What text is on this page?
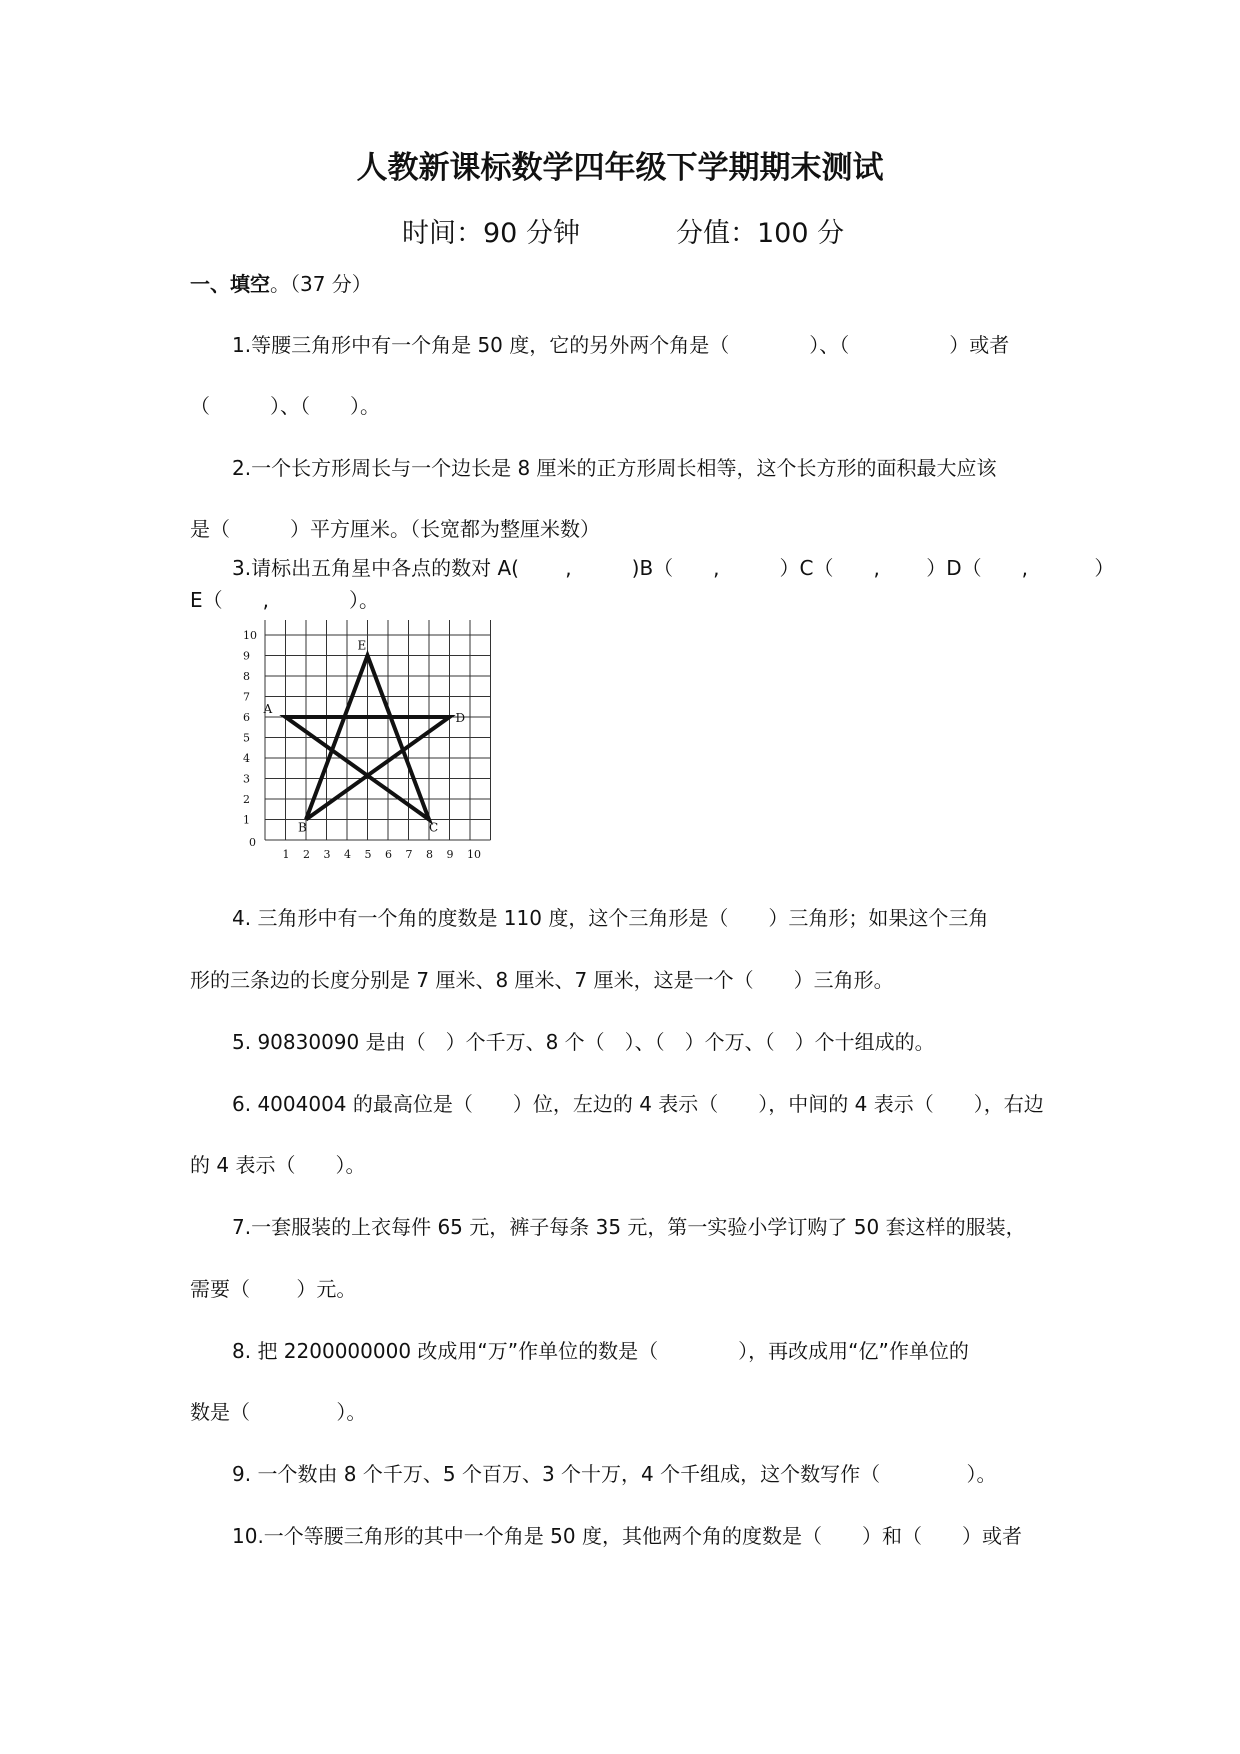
人教新课标数学四年级下学期期末测试
时间：90 分钟	分值：100 分
一、填空。（37 分）
1.等腰三角形中有一个角是 50 度，它的另外两个角是（　　　　）、（　　　　　）或者
（　　　）、（　　）。
2.一个长方形周长与一个边长是 8 厘米的正方形周长相等，这个长方形的面积最大应该
是（　　　）平方厘米。（长宽都为整厘米数）
3.请标出五角星中各点的数对 A(　　 ,　　　)B（　　,　　　）C（　　,　　 ）D（　　,　　　 ）
E（　　,　　　　）。
0
1 2 3 4 5 6 7 8 9 10
1
2
3
4
5
6
7
8
9
10
A
B	C
D
E
4. 三角形中有一个角的度数是 110 度，这个三角形是（　　）三角形；如果这个三角
形的三条边的长度分别是 7 厘米、8 厘米、7 厘米，这是一个（　　）三角形。
5. 90830090 是由（　）个千万、8 个（　）、（　）个万、（　）个十组成的。
6. 4004004 的最高位是（　　）位，左边的 4 表示（　　），中间的 4 表示（　　），右边
的 4 表示（　　）。
7.一套服装的上衣每件 65 元，裤子每条 35 元，第一实验小学订购了 50 套这样的服装，
需要（　　 ）元。
8. 把 2200000000 改成用“万”作单位的数是（　　　　），再改成用“亿”作单位的
数是（　　　　 ）。
9. 一个数由 8 个千万、5 个百万、3 个十万，4 个千组成，这个数写作（　　　　 ）。
10.一个等腰三角形的其中一个角是 50 度，其他两个角的度数是（　　）和（　　）或者
